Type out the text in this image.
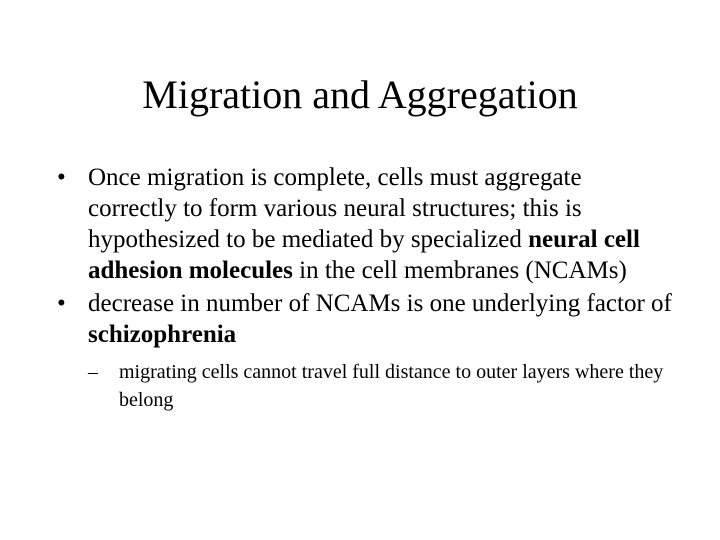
Migration and Aggregation
• Once migration is complete, cells must aggregate correctly to form various neural structures; this is hypothesized to be mediated by specialized neural cell adhesion molecules in the cell membranes (NCAMs)
• decrease in number of NCAMs is one underlying factor of schizophrenia
– migrating cells cannot travel full distance to outer layers where they belong
